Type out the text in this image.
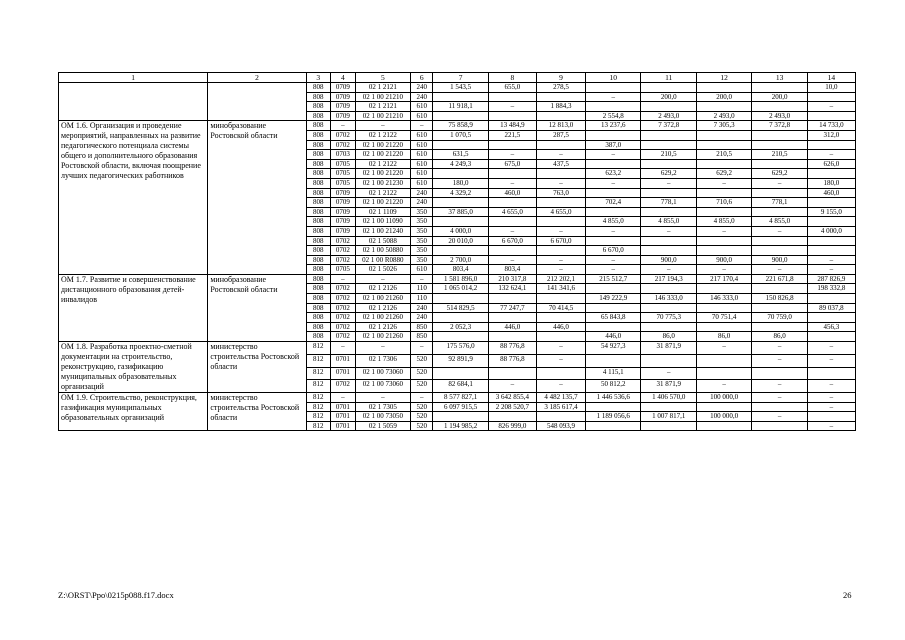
1	2	3	4	5	6	7	8	9	10	11	12	13	14
		808	0709	02 1 2121	240	1 543,5	655,0	278,5					10,0
		808	0709	02 1 00 21210	240				–	200,0	200,0	200,0	
		808	0709	02 1 2121	610	11 918,1	–	1 884,3					–
		808	0709	02 1 00 21210	610				2 554,8	2 493,0	2 493,0	2 493,0	
ОМ 1.6. Организация и проведение мероприятий, направленных на развитие педагогического потенциала системы общего и дополнительного образования Ростовской области, включая поощрение лучших педагогических работников	минобразование Ростовской области	808	–	–	–	75 858,9	13 484,9	12 813,0	13 237,6	7 372,8	7 305,3	7 372,8	14 733,0
		808	0702	02 1 2122	610	1 070,5	221,5	287,5					312,0
		808	0702	02 1 00 21220	610				387,0				
		808	0703	02 1 00 21220	610	631,5	–	–	–	210,5	210,5	210,5	–
		808	0705	02 1 2122	610	4 249,3	675,0	437,5					626,0
		808	0705	02 1 00 21220	610				623,2	629,2	629,2	629,2	
		808	0705	02 1 00 21230	610	180,0	–	–	–	–	–	–	180,0
		808	0709	02 1 2122	240	4 329,2	460,0	763,0					460,0
		808	0709	02 1 00 21220	240				702,4	778,1	710,6	778,1	
		808	0709	02 1 1109	350	37 885,0	4 655,0	4 655,0					9 155,0
		808	0709	02 1 00 11090	350				4 855,0	4 855,0	4 855,0	4 855,0	
		808	0709	02 1 00 21240	350	4 000,0	–	–	–	–	–	–	4 000,0
		808	0702	02 1 5088	350	20 010,0	6 670,0	6 670,0					
		808	0702	02 1 00 50880	350				6 670,0				
		808	0702	02 1 00 R0880	350	2 700,0	–	–	–	900,0	900,0	900,0	–
		808	0705	02 1 5026	610	803,4	803,4	–	–	–	–	–	–
ОМ 1.7. Развитие и совершенствование дистанционного образования детей-инвалидов	минобразование Ростовской области	808	–	–	–	1 581 896,0	210 317,8	212 202,1	215 512,7	217 194,3	217 170,4	221 671,8	287 826,9
		808	0702	02 1 2126	110	1 065 014,2	132 624,1	141 341,6					198 332,8
		808	0702	02 1 00 21260	110				149 222,9	146 333,0	146 333,0	150 826,8	
		808	0702	02 1 2126	240	514 829,5	77 247,7	70 414,5					89 037,8
		808	0702	02 1 00 21260	240				65 843,8	70 775,3	70 751,4	70 759,0	
		808	0702	02 1 2126	850	2 052,3	446,0	446,0					456,3
		808	0702	02 1 00 21260	850				446,0	86,0	86,0	86,0	
ОМ 1.8. Разработка проектно-сметной документации на строительство, реконструкцию, газификацию муниципальных образовательных организаций	министерство строительства Ростовской области	812	–	–	–	175 576,0	88 776,8	–	54 927,3	31 871,9	–	–	–
		812	0701	02 1 7306	520	92 891,9	88 776,8	–				–	–
		812	0701	02 1 00 73060	520				4 115,1	–			
		812	0702	02 1 00 73060	520	82 684,1	–	–	50 812,2	31 871,9	–	–	–
ОМ 1.9. Строительство, реконструкция, газификация муниципальных образовательных организаций	министерство строительства Ростовской области	812	–	–	–	8 577 827,1	3 642 855,4	4 482 135,7	1 446 536,6	1 406 570,0	100 000,0	–	–
		812	0701	02 1 7305	520	6 097 915,5	2 208 520,7	3 185 617,4					–
		812	0701	02 1 00 73050	520				1 189 056,6	1 007 817,1	100 000,0	–	
		812	0701	02 1 5059	520	1 194 985,2	826 999,0	548 093,9					–
Z:\ORST\Ppo\0215p088.f17.docx	26
